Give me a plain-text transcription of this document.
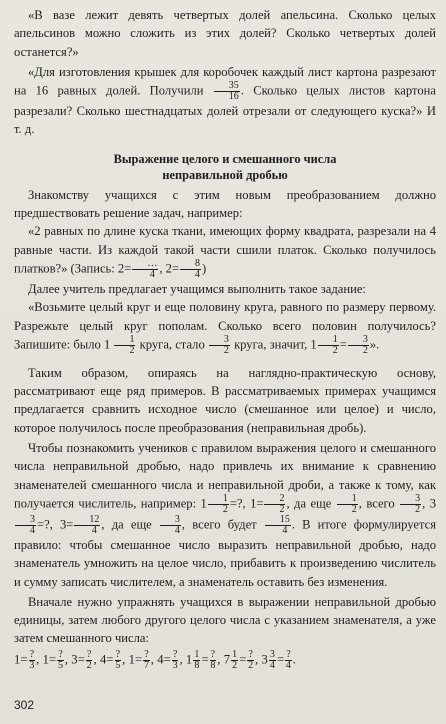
«В вазе лежит девять четвертых долей апельсина. Сколько целых апельсинов можно сложить из этих долей? Сколько четвертых долей останется?»

«Для изготовления крышек для коробочек каждый лист картона разрезают на 16 равных долей. Получили $\frac{35}{16}$ . Сколько целых листов картона разрезали? Сколько шестнадцатых долей отрезали от следующего куска?» И т. д.

Выражение целого и смешанного числа
неправильной дробью

Знакомству учащихся с этим новым преобразованием должно предшествовать решение задач, например:

«2 равных по длине куска ткани, имеющих форму квадрата, разрезали на 4 равные части. Из каждой такой части сшили платок. Сколько получилось платков?» (Запись: $2= \frac{\dots}{4}$ , $2= \frac{8}{4}$ )

Далее учитель предлагает учащимся выполнить такое задание:

«Возьмите целый круг и еще половину круга, равного по размеру первому. Разрежьте целый круг пополам. Сколько всего половин получилось? Запишите: было $1 \frac{1}{2}$ круга, стало $\frac{3}{2}$ круга, значит, $1 \frac{1}{2} = \frac{3}{2}$ ».

Таким образом, опираясь на наглядно-практическую основу, рассматривают еще ряд примеров. В рассматриваемых примерах учащимся предлагается сравнить исходное число (смешанное или целое) и число, которое получилось после преобразования (неправильная дробь).

Чтобы познакомить учеников с правилом выражения целого и смешанного числа неправильной дробью, надо привлечь их внимание к сравнению знаменателей смешанного числа и неправильной дроби, а также к тому, как получается числитель, например: $1 \frac{1}{2}$ =?, $1= \frac{2}{2}$ , да еще $\frac{1}{2}$ , всего $\frac{3}{2}$ , 3
$\frac{3}{4}$ =?, $3= \frac{12}{4}$ , да еще $\frac{3}{4}$ , всего будет $\frac{15}{4}$ . В итоге формулируется правило: чтобы смешанное число выразить неправильной дробью, надо знаменатель умножить на целое число, прибавить к произведению числитель и сумму записать числителем, а знаменатель оставить без изменения.

Вначале нужно упражнять учащихся в выражении неправильной дробью единицы, затем любого другого целого числа с указанием знаменателя, а уже затем смешанного числа:

$1= \frac{?}{3}$ , $1= \frac{?}{5}$ , $3= \frac{?}{2}$ , $4= \frac{?}{5}$ , $1= \frac{?}{7}$ , $4= \frac{?}{3}$ , $1 \frac{1}{8} = \frac{?}{8}$ , $7 \frac{1}{2} = \frac{?}{2}$ , $3 \frac{3}{4} = \frac{?}{4}$ .

302
